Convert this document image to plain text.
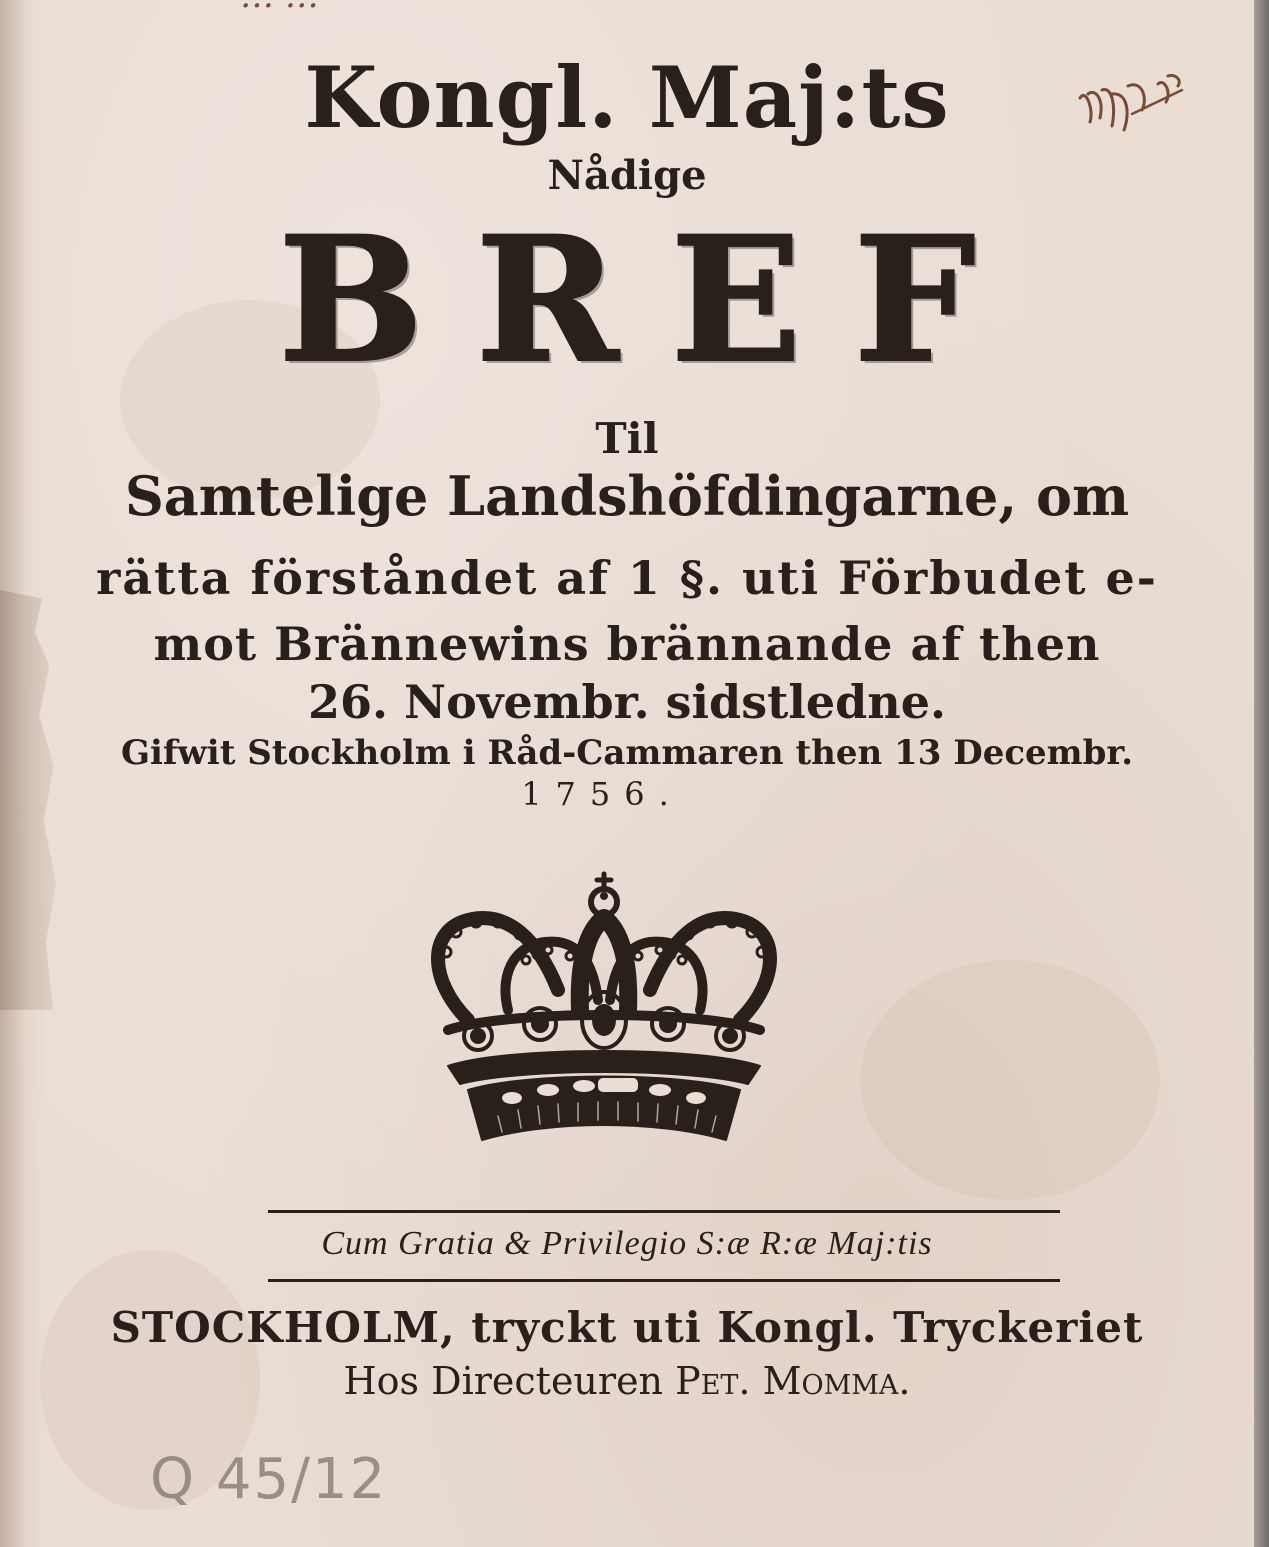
Kongl. Maj:ts
Nådige
BREF
Til
Samtelige Landshöfdingarne, om
rätta förståndet af 1 §. uti Förbudet e-
mot Brännewins brännande af then
26. Novembr. sidstledne.
Gifwit Stockholm i Råd-Cammaren then 13 Decembr.
1756.
Cum Gratia & Privilegio S:æ R:æ Maj:tis
STOCKHOLM, tryckt uti Kongl. Tryckeriet
Hos Directeuren Pet. Momma.
Q 45/12
